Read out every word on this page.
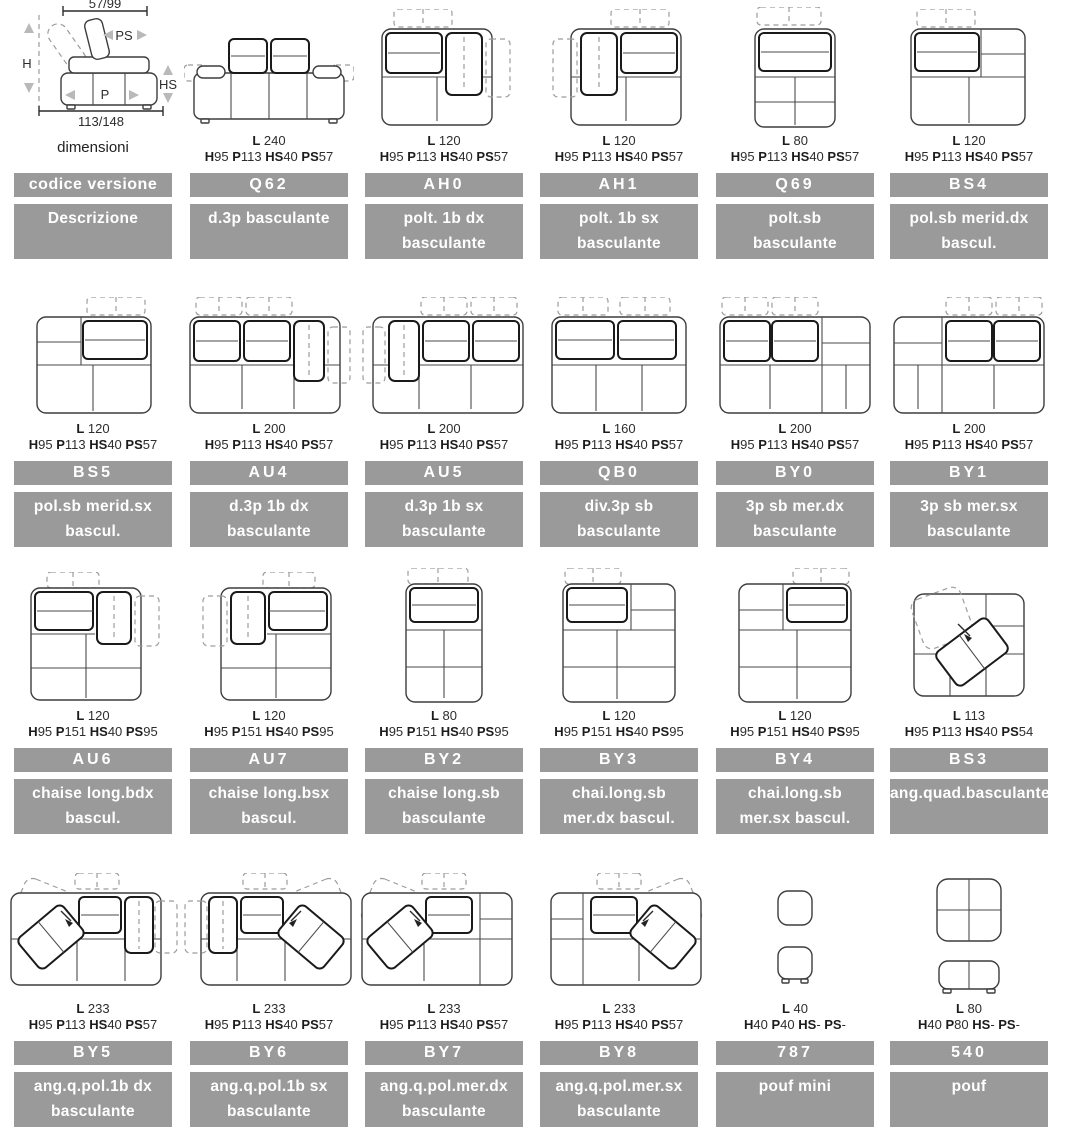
57/99
PS
H
HS
P
113/148
dimensioni
codice versione
Descrizione
L 240
H95 P113 HS40 PS57
Q62
d.3p basculante
L 120
H95 P113 HS40 PS57
AH0
polt. 1b dx
basculante
L 120
H95 P113 HS40 PS57
AH1
polt. 1b sx
basculante
L 80
H95 P113 HS40 PS57
Q69
polt.sb
basculante
L 120
H95 P113 HS40 PS57
BS4
pol.sb merid.dx
bascul.
L 120
H95 P113 HS40 PS57
BS5
pol.sb merid.sx
bascul.
L 200
H95 P113 HS40 PS57
AU4
d.3p 1b dx
basculante
L 200
H95 P113 HS40 PS57
AU5
d.3p 1b sx
basculante
L 160
H95 P113 HS40 PS57
QB0
div.3p sb
basculante
L 200
H95 P113 HS40 PS57
BY0
3p sb mer.dx
basculante
L 200
H95 P113 HS40 PS57
BY1
3p sb mer.sx
basculante
L 120
H95 P151 HS40 PS95
AU6
chaise long.bdx
bascul.
L 120
H95 P151 HS40 PS95
AU7
chaise long.bsx
bascul.
L 80
H95 P151 HS40 PS95
BY2
chaise long.sb
basculante
L 120
H95 P151 HS40 PS95
BY3
chai.long.sb
mer.dx bascul.
L 120
H95 P151 HS40 PS95
BY4
chai.long.sb
mer.sx bascul.
L 113
H95 P113 HS40 PS54
BS3
ang.quad.basculante
L 233
H95 P113 HS40 PS57
BY5
ang.q.pol.1b dx
basculante
L 233
H95 P113 HS40 PS57
BY6
ang.q.pol.1b sx
basculante
L 233
H95 P113 HS40 PS57
BY7
ang.q.pol.mer.dx
basculante
L 233
H95 P113 HS40 PS57
BY8
ang.q.pol.mer.sx
basculante
L 40
H40 P40 HS- PS-
787
pouf mini
L 80
H40 P80 HS- PS-
540
pouf
